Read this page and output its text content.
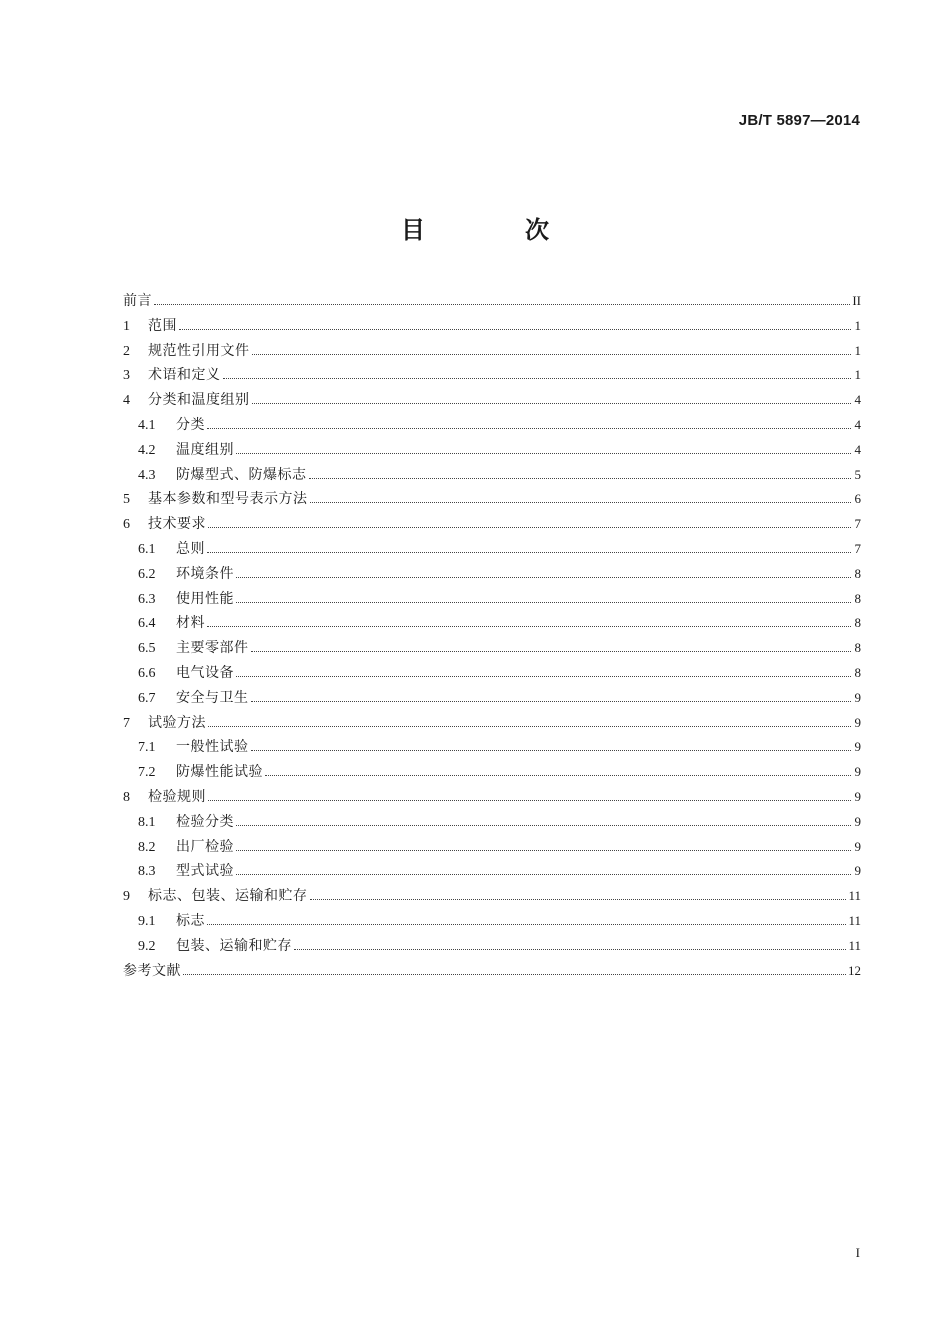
JB/T 5897—2014
目　次
前言	II
1	范围	1
2	规范性引用文件	1
3	术语和定义	1
4	分类和温度组别	4
4.1	分类	4
4.2	温度组别	4
4.3	防爆型式、防爆标志	5
5	基本参数和型号表示方法	6
6	技术要求	7
6.1	总则	7
6.2	环境条件	8
6.3	使用性能	8
6.4	材料	8
6.5	主要零部件	8
6.6	电气设备	8
6.7	安全与卫生	9
7	试验方法	9
7.1	一般性试验	9
7.2	防爆性能试验	9
8	检验规则	9
8.1	检验分类	9
8.2	出厂检验	9
8.3	型式试验	9
9	标志、包装、运输和贮存	11
9.1	标志	11
9.2	包装、运输和贮存	11
参考文献	12
I
